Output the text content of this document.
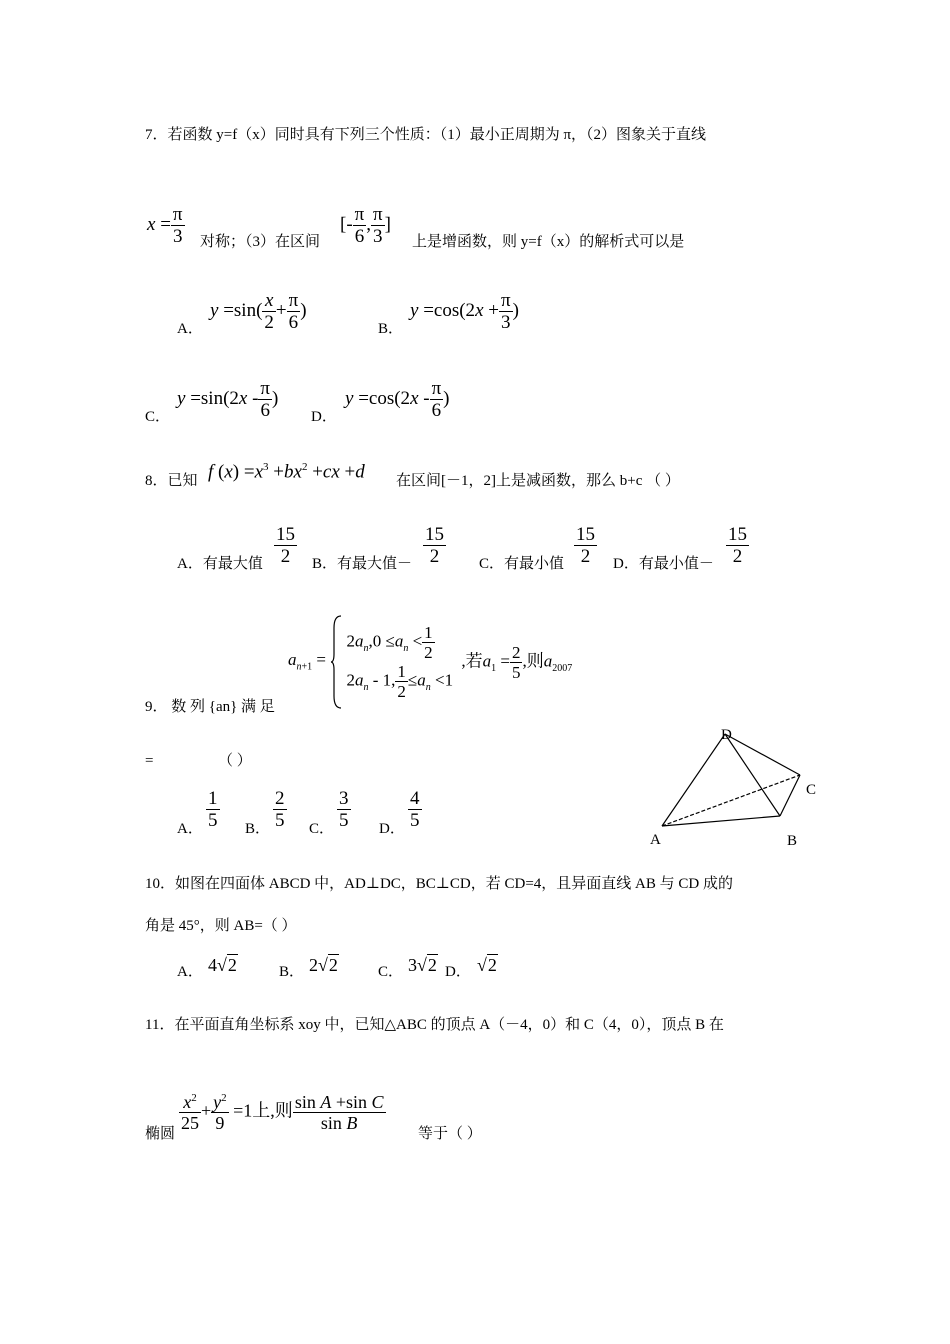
7．若函数 y=f（x）同时具有下列三个性质：（1）最小正周期为 π，（2）图象关于直线
$x = \frac{\pi}{3}$ 对称；（3）在区间
[- $\frac{\pi}{6}$ , $\frac{\pi}{3}$ ]
上是增函数，则 y=f（x）的解析式可以是
A．
$y =\sin( \frac{x}{2} + \frac{\pi}{6}$ )
B．
$y =\cos(2x + \frac{\pi}{3}$ )
C．
$y =\sin(2x - \frac{\pi}{6}$ )
D．
$y =\cos(2x - \frac{\pi}{6}$ )
8．已知 f $(x) =x^3 +bx^2 +cx +d$ 在区间[－1，2]上是减函数，那么 b+c （ ）
A．有最大值 $\frac{15}{2}$ B．有最大值－ $\frac{15}{2}$ C．有最小值 $\frac{15}{2}$ D．有最小值－ $\frac{15}{2}$
$a_{n+1}$ =
$2a_n,0 \le a_n < \frac{1}{2}$
$2a_n - 1$, $\frac{1}{2} \le a_n <1$
,若$a_1 = \frac{2}{5}$ ,则$a_{2007}$
9． 数 列 {an} 满 足
=	（ ）
A． $\frac{1}{5}$ B． $\frac{2}{5}$ C． $\frac{3}{5}$ D． $\frac{4}{5}$
D
C
A	B
10．如图在四面体 ABCD 中，AD⊥DC，BC⊥CD，若 CD=4，且异面直线 AB 与 CD 成的
角是 45°，则 AB=（ ）
A． 4√2	B． 2√2	C． 3√2 D． √2
11．在平面直角坐标系 xoy 中，已知△ABC 的顶点 A（－4，0）和 C（4，0），顶点 B 在
椭圆
$\frac{x^2}{25} + \frac{y^2}{9} =1$上,则 $\frac{\text{sin A +sin C}}{\text{sin B}}$
等于（ ）
